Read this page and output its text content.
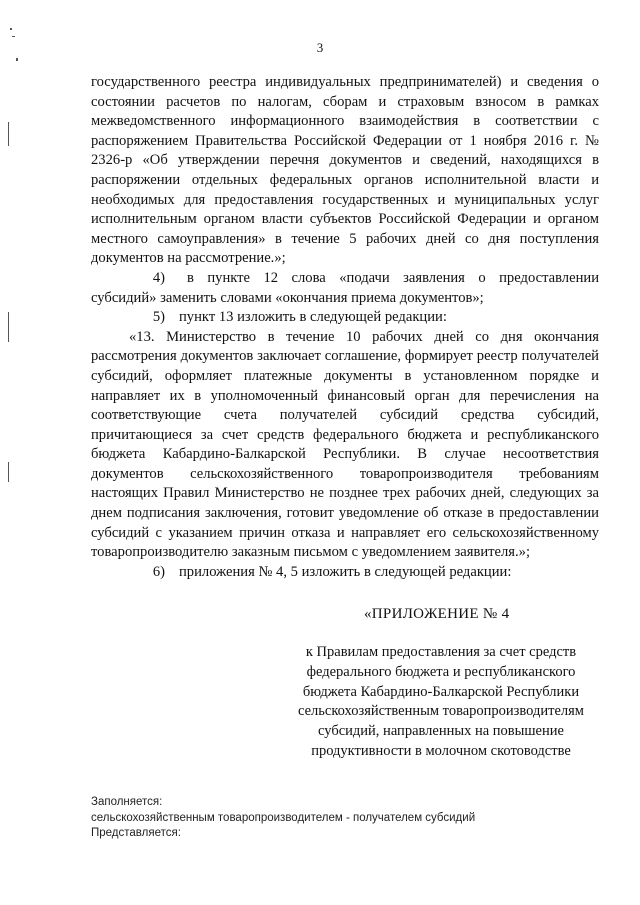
3

государственного реестра индивидуальных предпринимателей) и сведения о состоянии расчетов по налогам, сборам и страховым взносом в рамках межведомственного информационного взаимодействия в соответствии с распоряжением Правительства Российской Федерации от 1 ноября 2016 г. № 2326-р «Об утверждении перечня документов и сведений, находящихся в распоряжении отдельных федеральных органов исполнительной власти и необходимых для предоставления государственных и муниципальных услуг исполнительным органом власти субъектов Российской Федерации и органом местного самоуправления» в течение 5 рабочих дней со дня поступления документов на рассмотрение.»;

4)	в пункте 12 слова «подачи заявления о предоставлении субсидий» заменить словами «окончания приема документов»;

5) пункт 13 изложить в следующей редакции:

«13. Министерство в течение 10 рабочих дней со дня окончания рассмотрения документов заключает соглашение, формирует реестр получателей субсидий, оформляет платежные документы в установленном порядке и направляет их в уполномоченный финансовый орган для перечисления на соответствующие счета получателей субсидий средства субсидий, причитающиеся за счет средств федерального бюджета и республиканского бюджета Кабардино-Балкарской Республики. В случае несоответствия документов сельскохозяйственного товаропроизводителя требованиям настоящих Правил Министерство не позднее трех рабочих дней, следующих за днем подписания заключения, готовит уведомление об отказе в предоставлении субсидий с указанием причин отказа и направляет его сельскохозяйственному товаропроизводителю заказным письмом с уведомлением заявителя.»;

6) приложения № 4, 5 изложить в следующей редакции:
«ПРИЛОЖЕНИЕ № 4
к Правилам предоставления за счет средств
федерального бюджета и республиканского
бюджета Кабардино-Балкарской Республики
сельскохозяйственным товаропроизводителям
субсидий, направленных на повышение
продуктивности в молочном скотоводстве
Заполняется:
сельскохозяйственным товаропроизводителем - получателем субсидий
Представляется:
